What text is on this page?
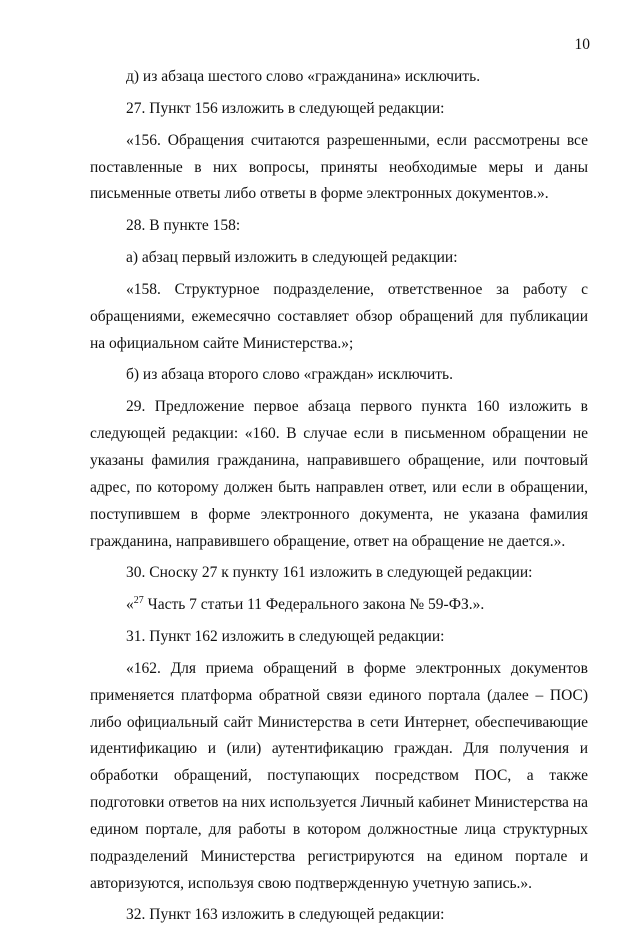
10

д) из абзаца шестого слово «гражданина» исключить.

27. Пункт 156 изложить в следующей редакции:

«156. Обращения считаются разрешенными, если рассмотрены все поставленные в них вопросы, приняты необходимые меры и даны письменные ответы либо ответы в форме электронных документов.».

28. В пункте 158:

а) абзац первый изложить в следующей редакции:

«158. Структурное подразделение, ответственное за работу с обращениями, ежемесячно составляет обзор обращений для публикации на официальном сайте Министерства.»;

б) из абзаца второго слово «граждан» исключить.

29. Предложение первое абзаца первого пункта 160 изложить в следующей редакции: «160. В случае если в письменном обращении не указаны фамилия гражданина, направившего обращение, или почтовый адрес, по которому должен быть направлен ответ, или если в обращении, поступившем в форме электронного документа, не указана фамилия гражданина, направившего обращение, ответ на обращение не дается.».

30. Сноску 27 к пункту 161 изложить в следующей редакции:

«$^{27}$ Часть 7 статьи 11 Федерального закона № 59-ФЗ.».

31. Пункт 162 изложить в следующей редакции:

«162. Для приема обращений в форме электронных документов применяется платформа обратной связи единого портала (далее – ПОС) либо официальный сайт Министерства в сети Интернет, обеспечивающие идентификацию и (или) аутентификацию граждан. Для получения и обработки обращений, поступающих посредством ПОС, а также подготовки ответов на них используется Личный кабинет Министерства на едином портале, для работы в котором должностные лица структурных подразделений Министерства регистрируются на едином портале и авторизуются, используя свою подтвержденную учетную запись.».

32. Пункт 163 изложить в следующей редакции:
